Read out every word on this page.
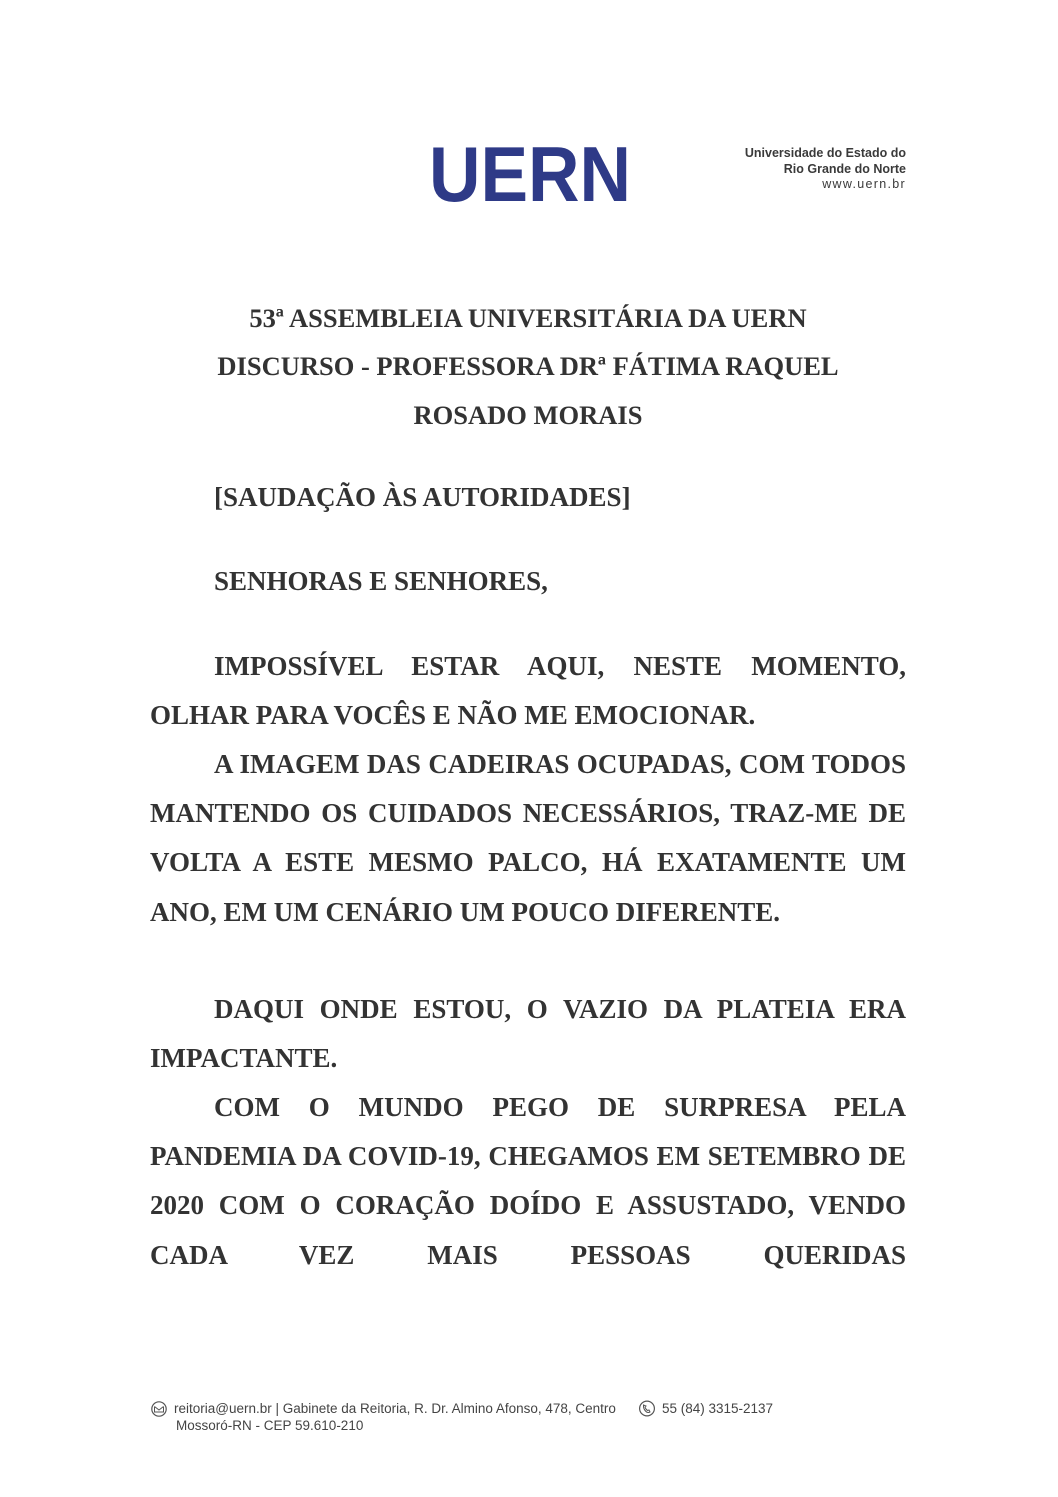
UERN	Universidade do Estado do
Rio Grande do Norte
www.uern.br
53ª ASSEMBLEIA UNIVERSITÁRIA DA UERN
DISCURSO - PROFESSORA DRª FÁTIMA RAQUEL
ROSADO MORAIS

[SAUDAÇÃO ÀS AUTORIDADES]

SENHORAS E SENHORES,

IMPOSSÍVEL ESTAR AQUI, NESTE MOMENTO, OLHAR PARA VOCÊS E NÃO ME EMOCIONAR.

A IMAGEM DAS CADEIRAS OCUPADAS, COM TODOS MANTENDO OS CUIDADOS NECESSÁRIOS, TRAZ-ME DE VOLTA A ESTE MESMO PALCO, HÁ EXATAMENTE UM ANO, EM UM CENÁRIO UM POUCO DIFERENTE.

DAQUI ONDE ESTOU, O VAZIO DA PLATEIA ERA IMPACTANTE.

COM O MUNDO PEGO DE SURPRESA PELA PANDEMIA DA COVID-19, CHEGAMOS EM SETEMBRO DE 2020 COM O CORAÇÃO DOÍDO E ASSUSTADO, VENDO CADA VEZ MAIS PESSOAS QUERIDAS

reitoria@uern.br | Gabinete da Reitoria, R. Dr. Almino Afonso, 478, Centro	55 (84) 3315-2137
Mossoró-RN - CEP 59.610-210
